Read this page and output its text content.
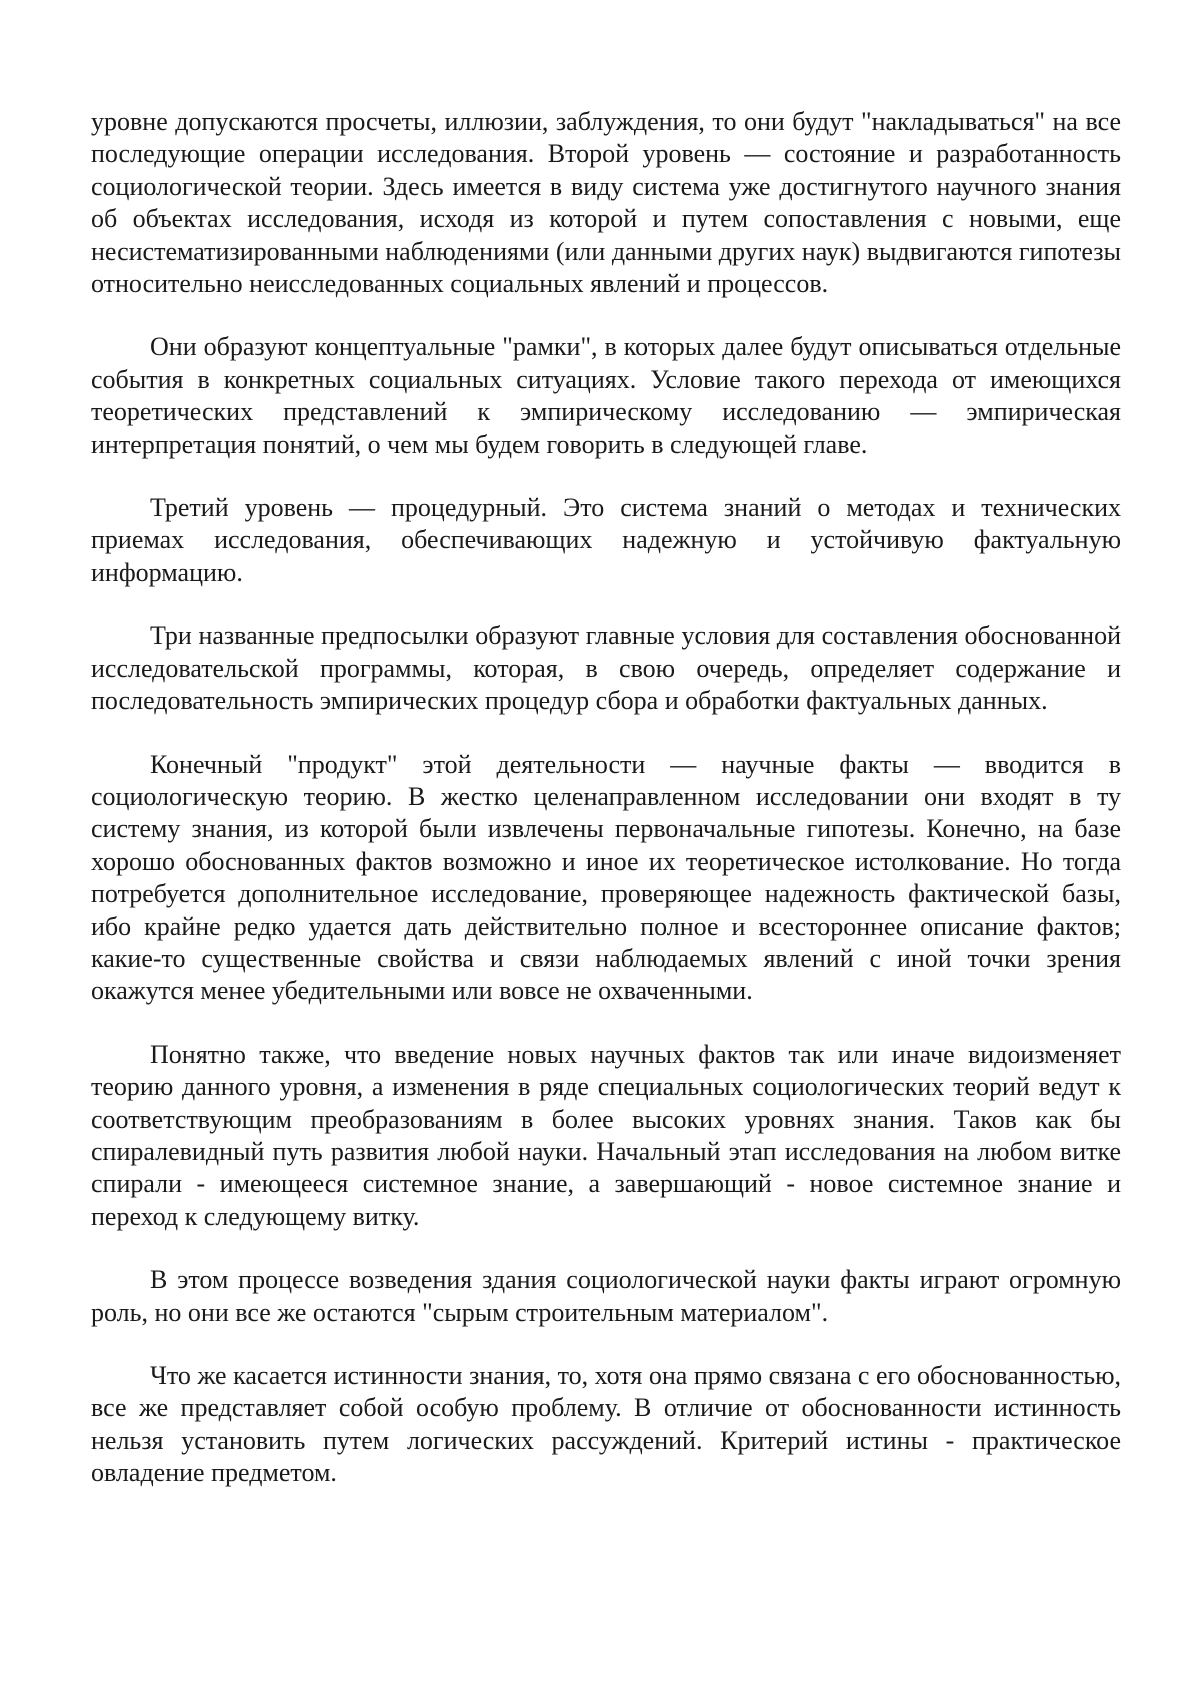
уровне допускаются просчеты, иллюзии, заблуждения, то они будут "накладываться" на все последующие операции исследования. Второй уровень — состояние и разработанность социологической теории. Здесь имеется в виду система уже достигнутого научного знания об объектах исследования, исходя из которой и путем сопоставления с новыми, еще несистематизированными наблюдениями (или данными других наук) выдвигаются гипотезы относительно неисследованных социальных явлений и процессов.

Они образуют концептуальные "рамки", в которых далее будут описываться отдельные события в конкретных социальных ситуациях. Условие такого перехода от имеющихся теоретических представлений к эмпирическому исследованию — эмпирическая интерпретация понятий, о чем мы будем говорить в следующей главе.

Третий уровень — процедурный. Это система знаний о методах и технических приемах исследования, обеспечивающих надежную и устойчивую фактуальную информацию.

Три названные предпосылки образуют главные условия для составления обоснованной исследовательской программы, которая, в свою очередь, определяет содержание и последовательность эмпирических процедур сбора и обработки фактуальных данных.

Конечный "продукт" этой деятельности — научные факты — вводится в социологическую теорию. В жестко целенаправленном исследовании они входят в ту систему знания, из которой были извлечены первоначальные гипотезы. Конечно, на базе хорошо обоснованных фактов возможно и иное их теоретическое истолкование. Но тогда потребуется дополнительное исследование, проверяющее надежность фактической базы, ибо крайне редко удается дать действительно полное и всестороннее описание фактов; какие-то существенные свойства и связи наблюдаемых явлений с иной точки зрения окажутся менее убедительными или вовсе не охваченными.

Понятно также, что введение новых научных фактов так или иначе видоизменяет теорию данного уровня, а изменения в ряде специальных социологических теорий ведут к соответствующим преобразованиям в более высоких уровнях знания. Таков как бы спиралевидный путь развития любой науки. Начальный этап исследования на любом витке спирали - имеющееся системное знание, а завершающий - новое системное знание и переход к следующему витку.

В этом процессе возведения здания социологической науки факты играют огромную роль, но они все же остаются "сырым строительным материалом".

Что же касается истинности знания, то, хотя она прямо связана с его обоснованностью, все же представляет собой особую проблему. В отличие от обоснованности истинность нельзя установить путем логических рассуждений. Критерий истины - практическое овладение предметом.
